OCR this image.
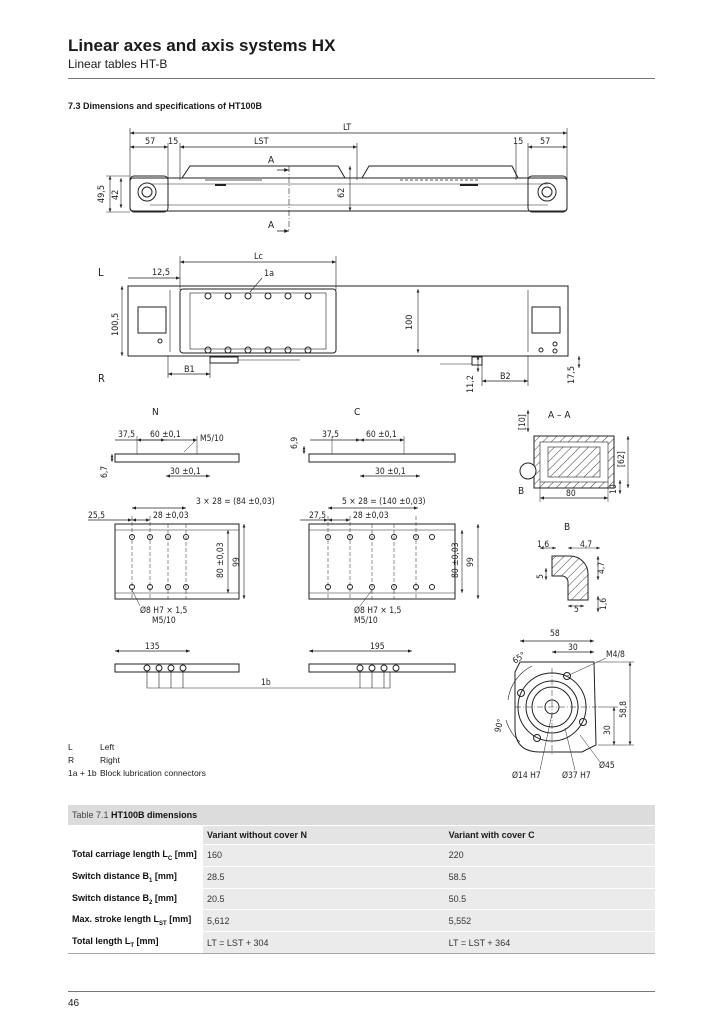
Linear axes and axis systems HX
Linear tables HT-B
7.3 Dimensions and specifications of HT100B
LT
57 15	LST	15 57
A
A
62
49,5 42
L
R
Lc
12,5	1a
100,5	100
B1
B2
11,2	17,5
N
37,5 60 ±0,1 M5/10
6,7	30 ±0,1
3 × 28 = (84 ±0,03)
25,5	28 ±0,03
80 ±0,03 99
Ø8 H7 × 1,5
M5/10
135
C
6,9
37,5	60 ±0,1
30 ±0,1
5 × 28 = (140 ±0,03)
27,5	28 ±0,03
80 ±0,03 99
Ø8 H7 × 1,5
M5/10
195
1b
A – A
[10]
[62]
80	10
B
B
1,6	4,7
5
4,7
5 1,6
58
30
M4/8
65°
90°
58,8
30
Ø14 H7 Ø37 H7
Ø45
L	Left
R	Right
1a + 1b Block lubrication connectors
Table 7.1 HT100B dimensions		
	Variant without cover N	Variant with cover C
Total carriage length $L_C$ [mm]	160	220
Switch distance $B_1$ [mm]	28.5	58.5
Switch distance $B_2$ [mm]	20.5	50.5
Max. stroke length $L_{ST}$ [mm]	5,612	5,552
Total length $L_T$ [mm]	LT = LST + 304	LT = LST + 364
46
